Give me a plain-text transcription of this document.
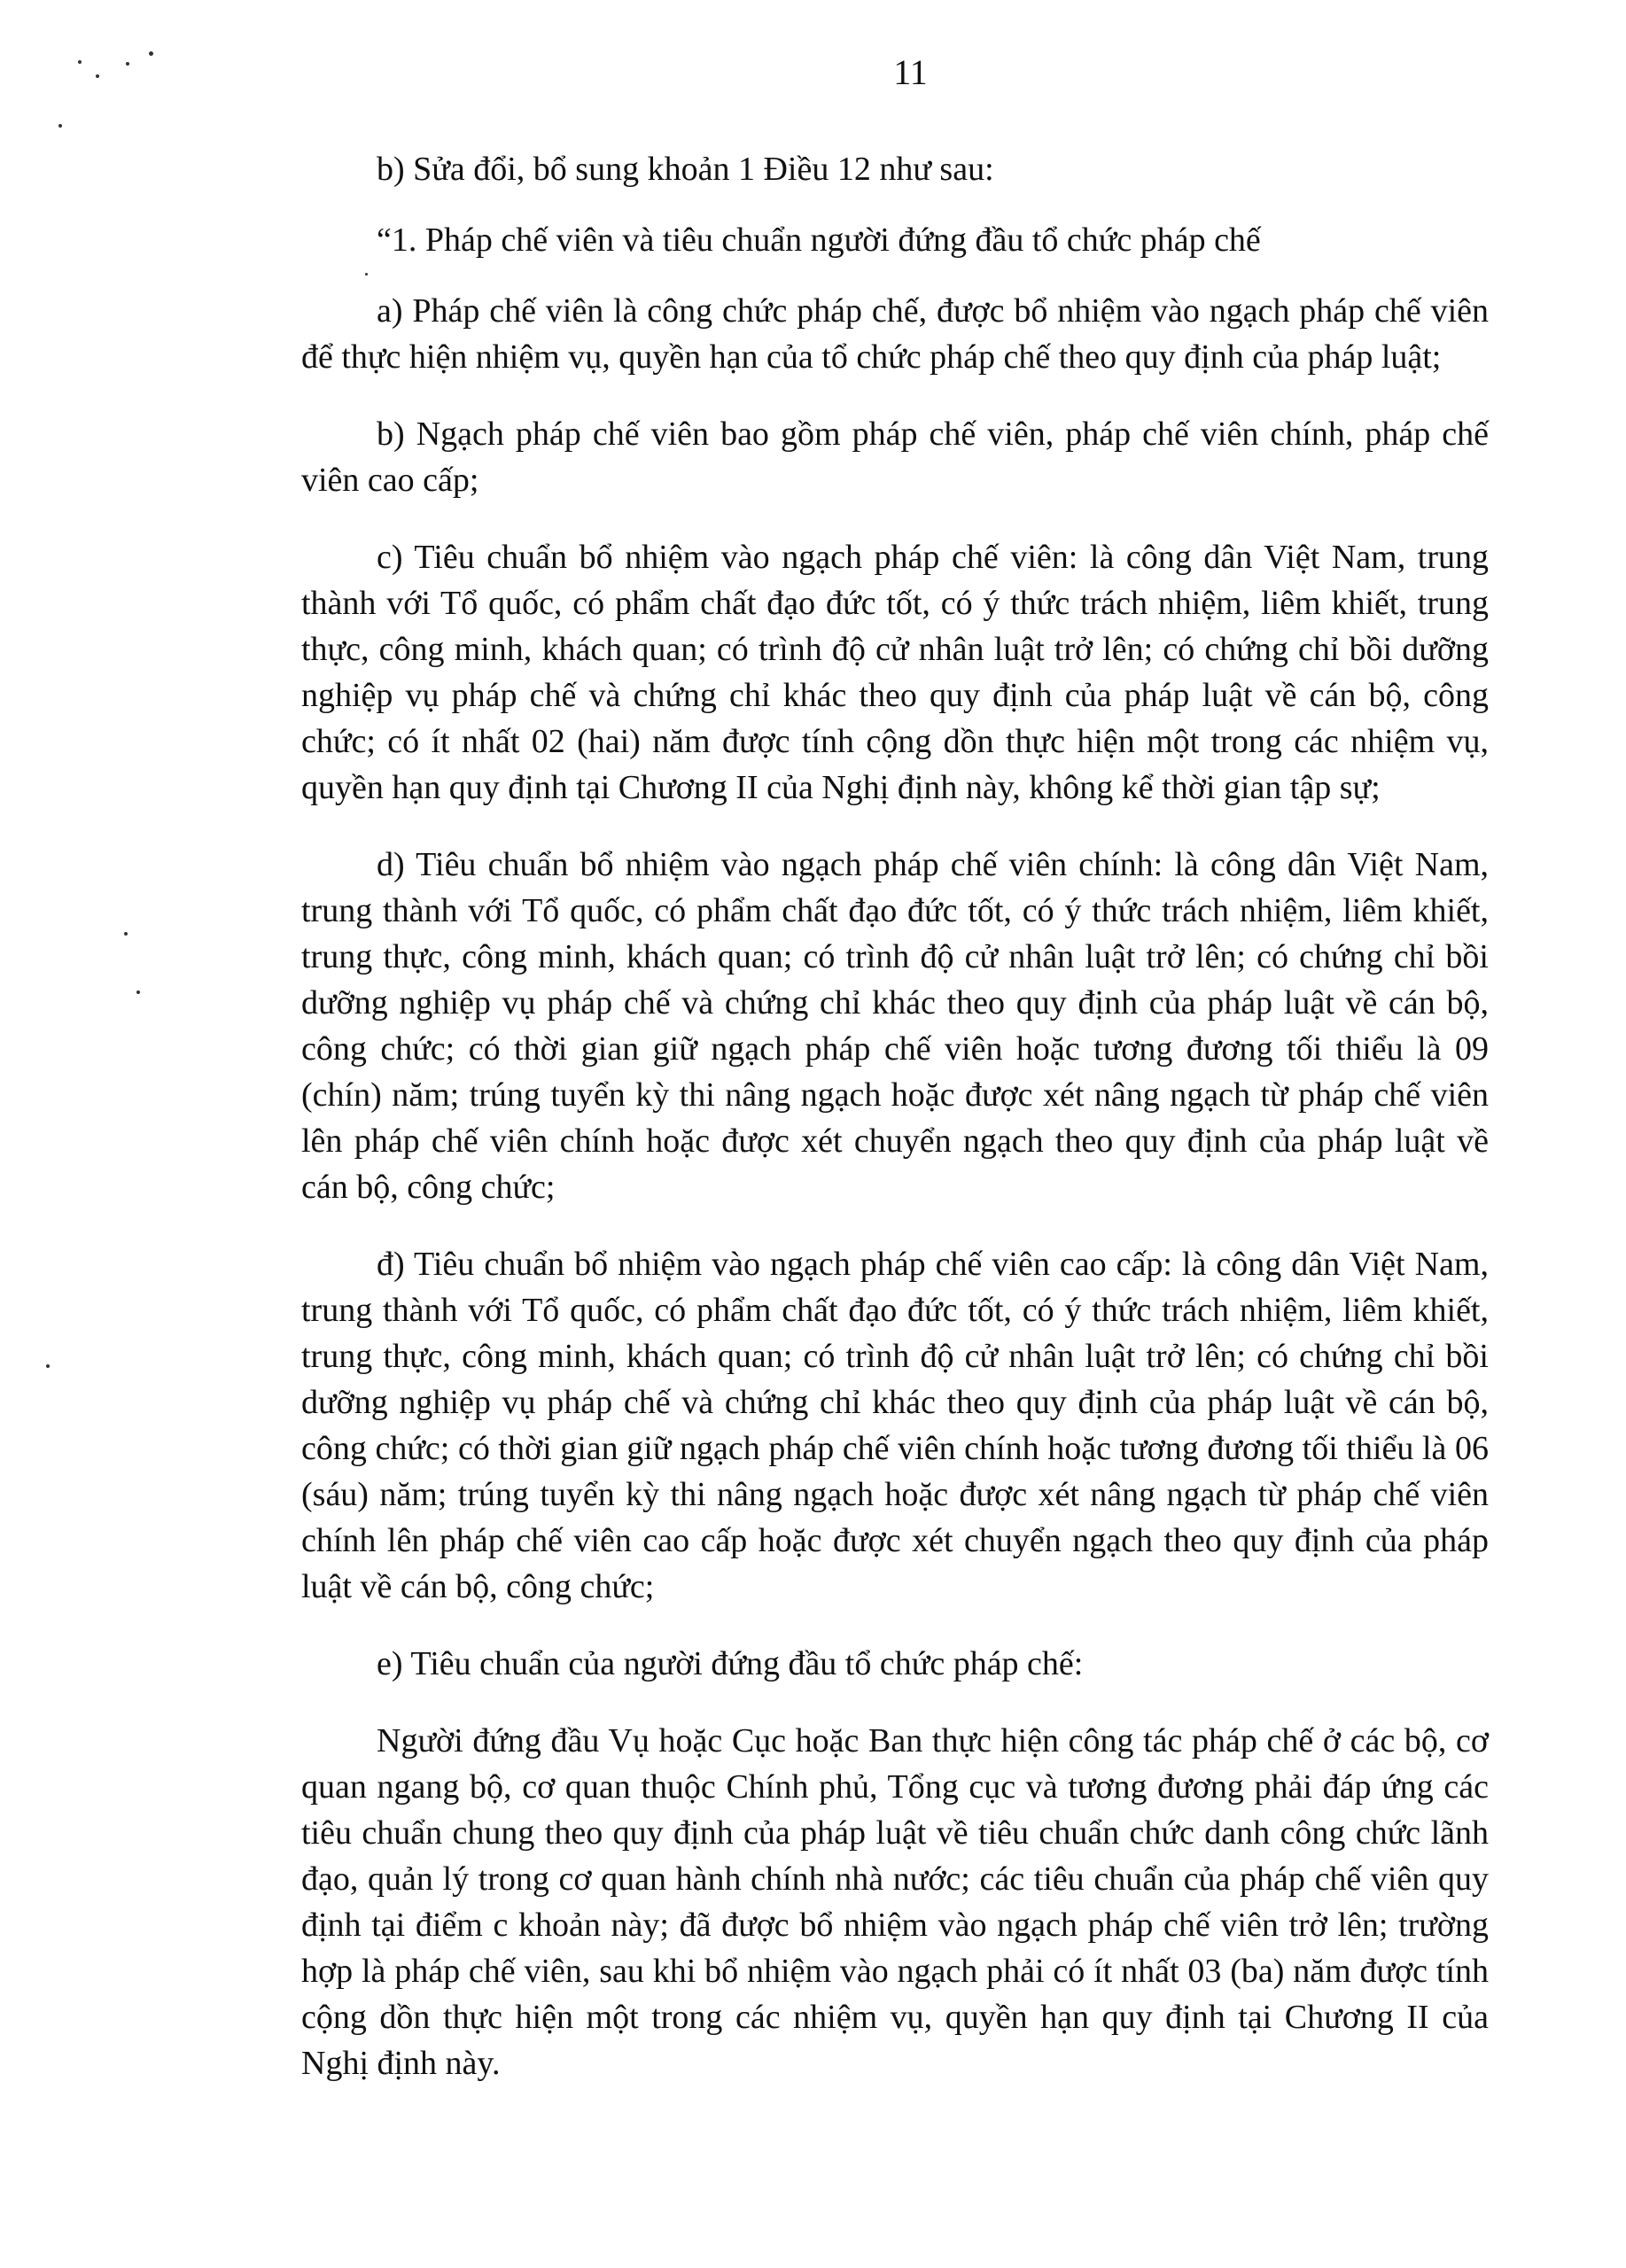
11

b) Sửa đổi, bổ sung khoản 1 Điều 12 như sau:

“1. Pháp chế viên và tiêu chuẩn người đứng đầu tổ chức pháp chế

a) Pháp chế viên là công chức pháp chế, được bổ nhiệm vào ngạch pháp chế viên để thực hiện nhiệm vụ, quyền hạn của tổ chức pháp chế theo quy định của pháp luật;

b) Ngạch pháp chế viên bao gồm pháp chế viên, pháp chế viên chính, pháp chế viên cao cấp;

c) Tiêu chuẩn bổ nhiệm vào ngạch pháp chế viên: là công dân Việt Nam, trung thành với Tổ quốc, có phẩm chất đạo đức tốt, có ý thức trách nhiệm, liêm khiết, trung thực, công minh, khách quan; có trình độ cử nhân luật trở lên; có chứng chỉ bồi dưỡng nghiệp vụ pháp chế và chứng chỉ khác theo quy định của pháp luật về cán bộ, công chức; có ít nhất 02 (hai) năm được tính cộng dồn thực hiện một trong các nhiệm vụ, quyền hạn quy định tại Chương II của Nghị định này, không kể thời gian tập sự;

d) Tiêu chuẩn bổ nhiệm vào ngạch pháp chế viên chính: là công dân Việt Nam, trung thành với Tổ quốc, có phẩm chất đạo đức tốt, có ý thức trách nhiệm, liêm khiết, trung thực, công minh, khách quan; có trình độ cử nhân luật trở lên; có chứng chỉ bồi dưỡng nghiệp vụ pháp chế và chứng chỉ khác theo quy định của pháp luật về cán bộ, công chức; có thời gian giữ ngạch pháp chế viên hoặc tương đương tối thiểu là 09 (chín) năm; trúng tuyển kỳ thi nâng ngạch hoặc được xét nâng ngạch từ pháp chế viên lên pháp chế viên chính hoặc được xét chuyển ngạch theo quy định của pháp luật về cán bộ, công chức;

đ) Tiêu chuẩn bổ nhiệm vào ngạch pháp chế viên cao cấp: là công dân Việt Nam, trung thành với Tổ quốc, có phẩm chất đạo đức tốt, có ý thức trách nhiệm, liêm khiết, trung thực, công minh, khách quan; có trình độ cử nhân luật trở lên; có chứng chỉ bồi dưỡng nghiệp vụ pháp chế và chứng chỉ khác theo quy định của pháp luật về cán bộ, công chức; có thời gian giữ ngạch pháp chế viên chính hoặc tương đương tối thiểu là 06 (sáu) năm; trúng tuyển kỳ thi nâng ngạch hoặc được xét nâng ngạch từ pháp chế viên chính lên pháp chế viên cao cấp hoặc được xét chuyển ngạch theo quy định của pháp luật về cán bộ, công chức;

e) Tiêu chuẩn của người đứng đầu tổ chức pháp chế:

Người đứng đầu Vụ hoặc Cục hoặc Ban thực hiện công tác pháp chế ở các bộ, cơ quan ngang bộ, cơ quan thuộc Chính phủ, Tổng cục và tương đương phải đáp ứng các tiêu chuẩn chung theo quy định của pháp luật về tiêu chuẩn chức danh công chức lãnh đạo, quản lý trong cơ quan hành chính nhà nước; các tiêu chuẩn của pháp chế viên quy định tại điểm c khoản này; đã được bổ nhiệm vào ngạch pháp chế viên trở lên; trường hợp là pháp chế viên, sau khi bổ nhiệm vào ngạch phải có ít nhất 03 (ba) năm được tính cộng dồn thực hiện một trong các nhiệm vụ, quyền hạn quy định tại Chương II của Nghị định này.
